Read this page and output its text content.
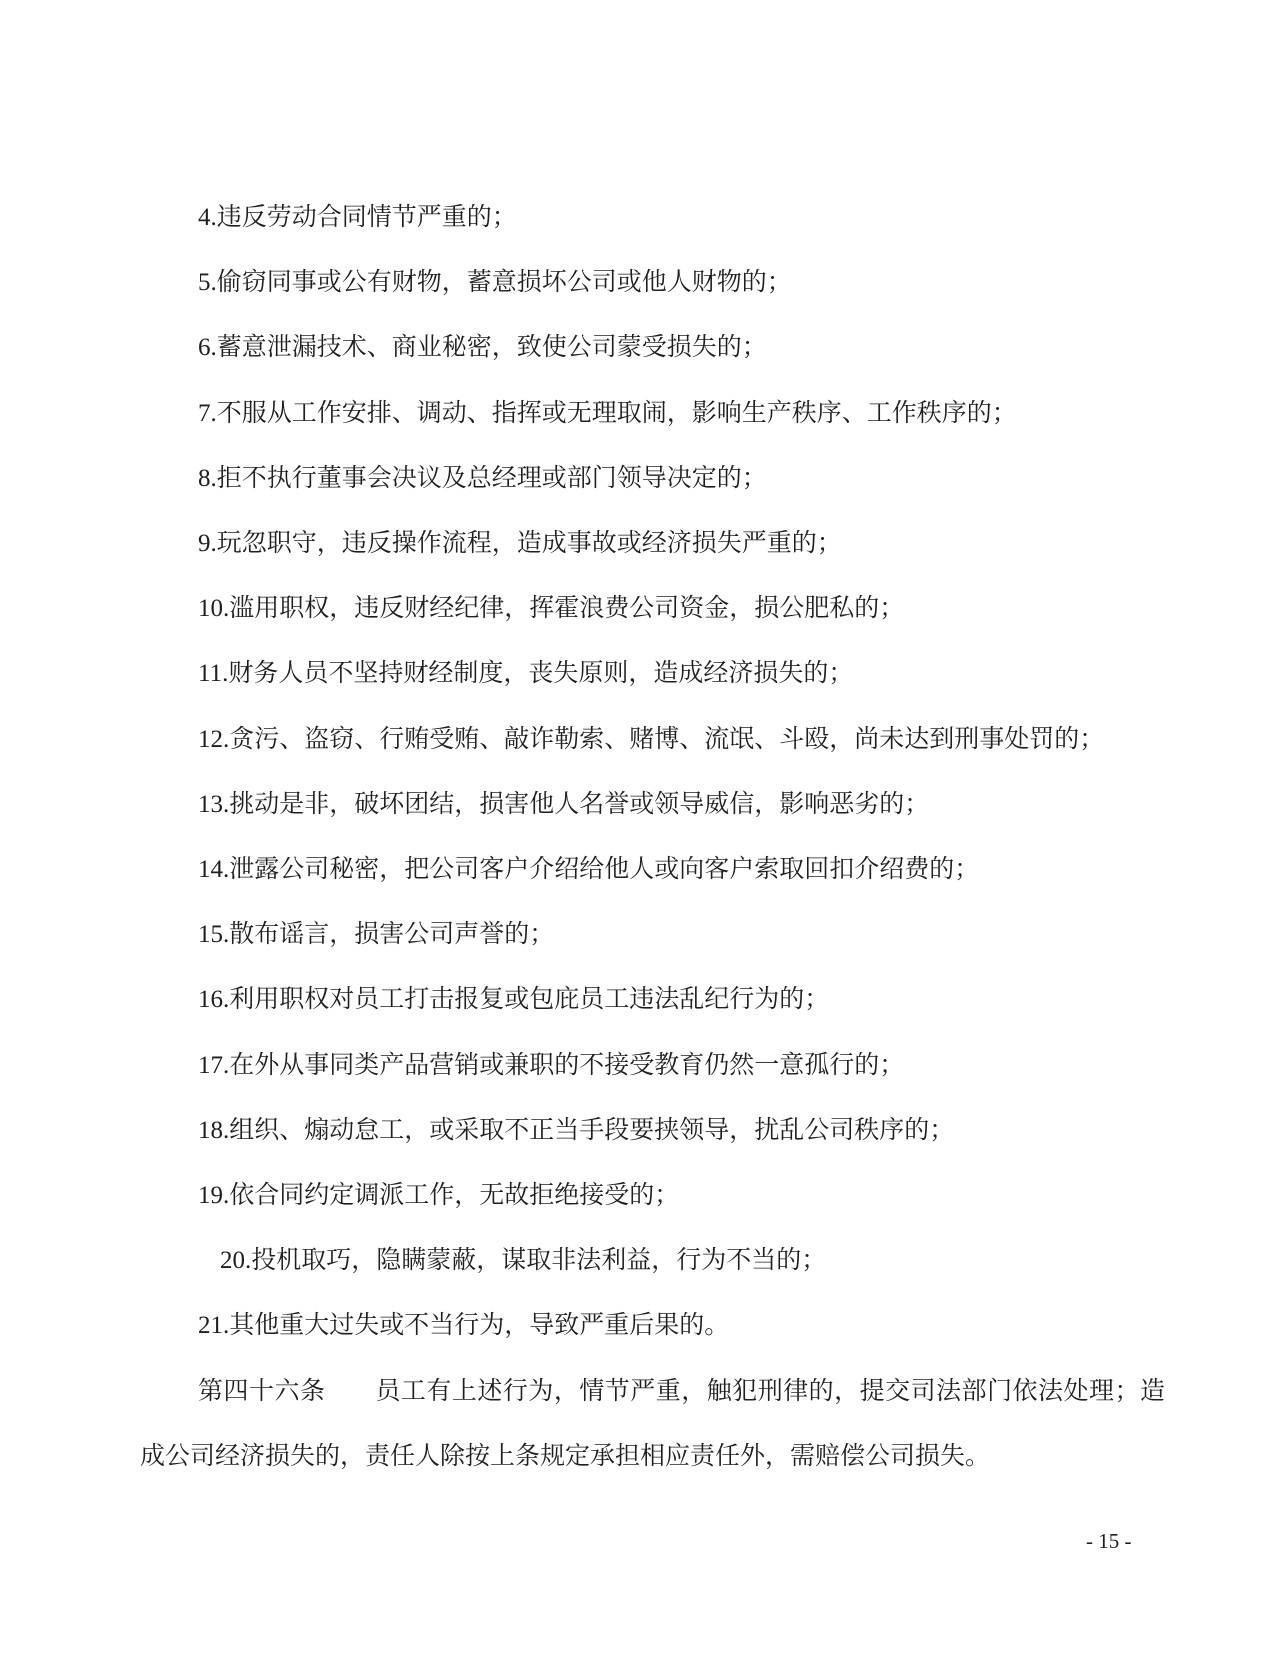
4.违反劳动合同情节严重的；

5.偷窃同事或公有财物，蓄意损坏公司或他人财物的；

6.蓄意泄漏技术、商业秘密，致使公司蒙受损失的；

7.不服从工作安排、调动、指挥或无理取闹，影响生产秩序、工作秩序的；

8.拒不执行董事会决议及总经理或部门领导决定的；

9.玩忽职守，违反操作流程，造成事故或经济损失严重的；

10.滥用职权，违反财经纪律，挥霍浪费公司资金，损公肥私的；

11.财务人员不坚持财经制度，丧失原则，造成经济损失的；

12.贪污、盗窃、行贿受贿、敲诈勒索、赌博、流氓、斗殴，尚未达到刑事处罚的；

13.挑动是非，破坏团结，损害他人名誉或领导威信，影响恶劣的；

14.泄露公司秘密，把公司客户介绍给他人或向客户索取回扣介绍费的；

15.散布谣言，损害公司声誉的；

16.利用职权对员工打击报复或包庇员工违法乱纪行为的；

17.在外从事同类产品营销或兼职的不接受教育仍然一意孤行的；

18.组织、煽动怠工，或采取不正当手段要挟领导，扰乱公司秩序的；

19.依合同约定调派工作，无故拒绝接受的；

20.投机取巧，隐瞒蒙蔽，谋取非法利益，行为不当的；

21.其他重大过失或不当行为，导致严重后果的。

第四十六条 员工有上述行为，情节严重，触犯刑律的，提交司法部门依法处理；造成公司经济损失的，责任人除按上条规定承担相应责任外，需赔偿公司损失。

- 15 -
